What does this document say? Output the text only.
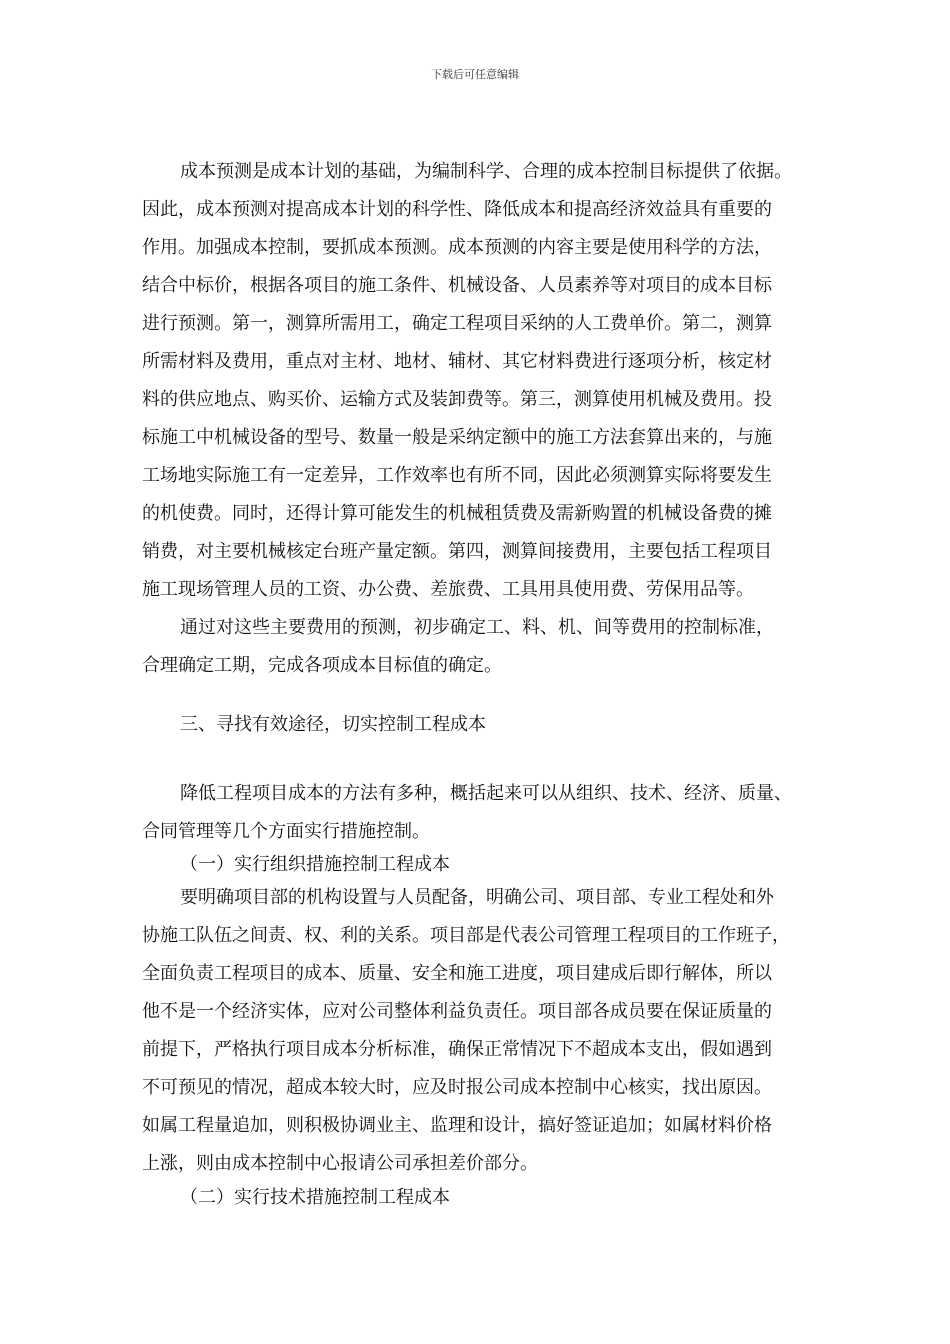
下载后可任意编辑
成本预测是成本计划的基础，为编制科学、合理的成本控制目标提供了依据。
因此，成本预测对提高成本计划的科学性、降低成本和提高经济效益具有重要的
作用。加强成本控制，要抓成本预测。成本预测的内容主要是使用科学的方法，
结合中标价，根据各项目的施工条件、机械设备、人员素养等对项目的成本目标
进行预测。第一，测算所需用工，确定工程项目采纳的人工费单价。第二，测算
所需材料及费用，重点对主材、地材、辅材、其它材料费进行逐项分析，核定材
料的供应地点、购买价、运输方式及装卸费等。第三，测算使用机械及费用。投
标施工中机械设备的型号、数量一般是采纳定额中的施工方法套算出来的，与施
工场地实际施工有一定差异，工作效率也有所不同，因此必须测算实际将要发生
的机使费。同时，还得计算可能发生的机械租赁费及需新购置的机械设备费的摊
销费，对主要机械核定台班产量定额。第四，测算间接费用，主要包括工程项目
施工现场管理人员的工资、办公费、差旅费、工具用具使用费、劳保用品等。
通过对这些主要费用的预测，初步确定工、料、机、间等费用的控制标准，
合理确定工期，完成各项成本目标值的确定。
三、寻找有效途径，切实控制工程成本
降低工程项目成本的方法有多种，概括起来可以从组织、技术、经济、质量、
合同管理等几个方面实行措施控制。
（一）实行组织措施控制工程成本
要明确项目部的机构设置与人员配备，明确公司、项目部、专业工程处和外
协施工队伍之间责、权、利的关系。项目部是代表公司管理工程项目的工作班子，
全面负责工程项目的成本、质量、安全和施工进度，项目建成后即行解体，所以
他不是一个经济实体，应对公司整体利益负责任。项目部各成员要在保证质量的
前提下，严格执行项目成本分析标准，确保正常情况下不超成本支出，假如遇到
不可预见的情况，超成本较大时，应及时报公司成本控制中心核实，找出原因。
如属工程量追加，则积极协调业主、监理和设计，搞好签证追加；如属材料价格
上涨，则由成本控制中心报请公司承担差价部分。
（二）实行技术措施控制工程成本
